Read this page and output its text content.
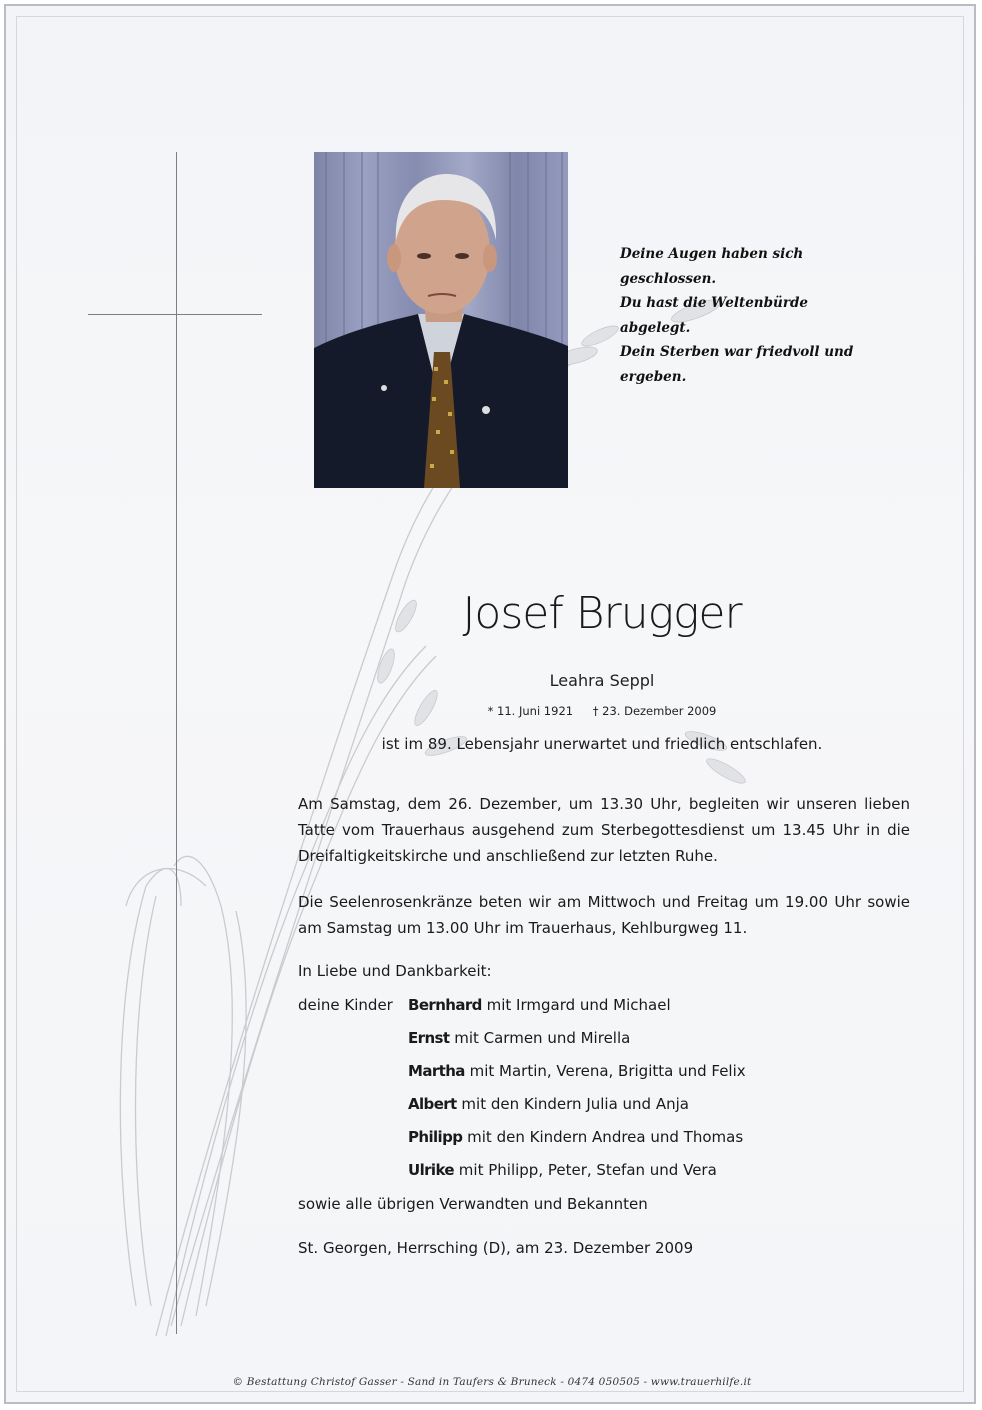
Deine Augen haben sich
geschlossen.
Du hast die Weltenbürde
abgelegt.
Dein Sterben war friedvoll und
ergeben.
Josef Brugger
Leahra Seppl
* 11. Juni 1921 † 23. Dezember 2009
ist im 89. Lebensjahr unerwartet und friedlich entschlafen.
Am Samstag, dem 26. Dezember, um 13.30 Uhr, begleiten wir unseren lieben Tatte vom Trauerhaus ausgehend zum Sterbegottesdienst um 13.45 Uhr in die Dreifaltigkeitskirche und anschließend zur letzten Ruhe.
Die Seelenrosenkränze beten wir am Mittwoch und Freitag um 19.00 Uhr sowie am Samstag um 13.00 Uhr im Trauerhaus, Kehlburgweg 11.
In Liebe und Dankbarkeit:
deine Kinder Bernhard mit Irmgard und Michael
Ernst mit Carmen und Mirella
Martha mit Martin, Verena, Brigitta und Felix
Albert mit den Kindern Julia und Anja
Philipp mit den Kindern Andrea und Thomas
Ulrike mit Philipp, Peter, Stefan und Vera
sowie alle übrigen Verwandten und Bekannten
St. Georgen, Herrsching (D), am 23. Dezember 2009
© Bestattung Christof Gasser - Sand in Taufers & Bruneck - 0474 050505 - www.trauerhilfe.it
